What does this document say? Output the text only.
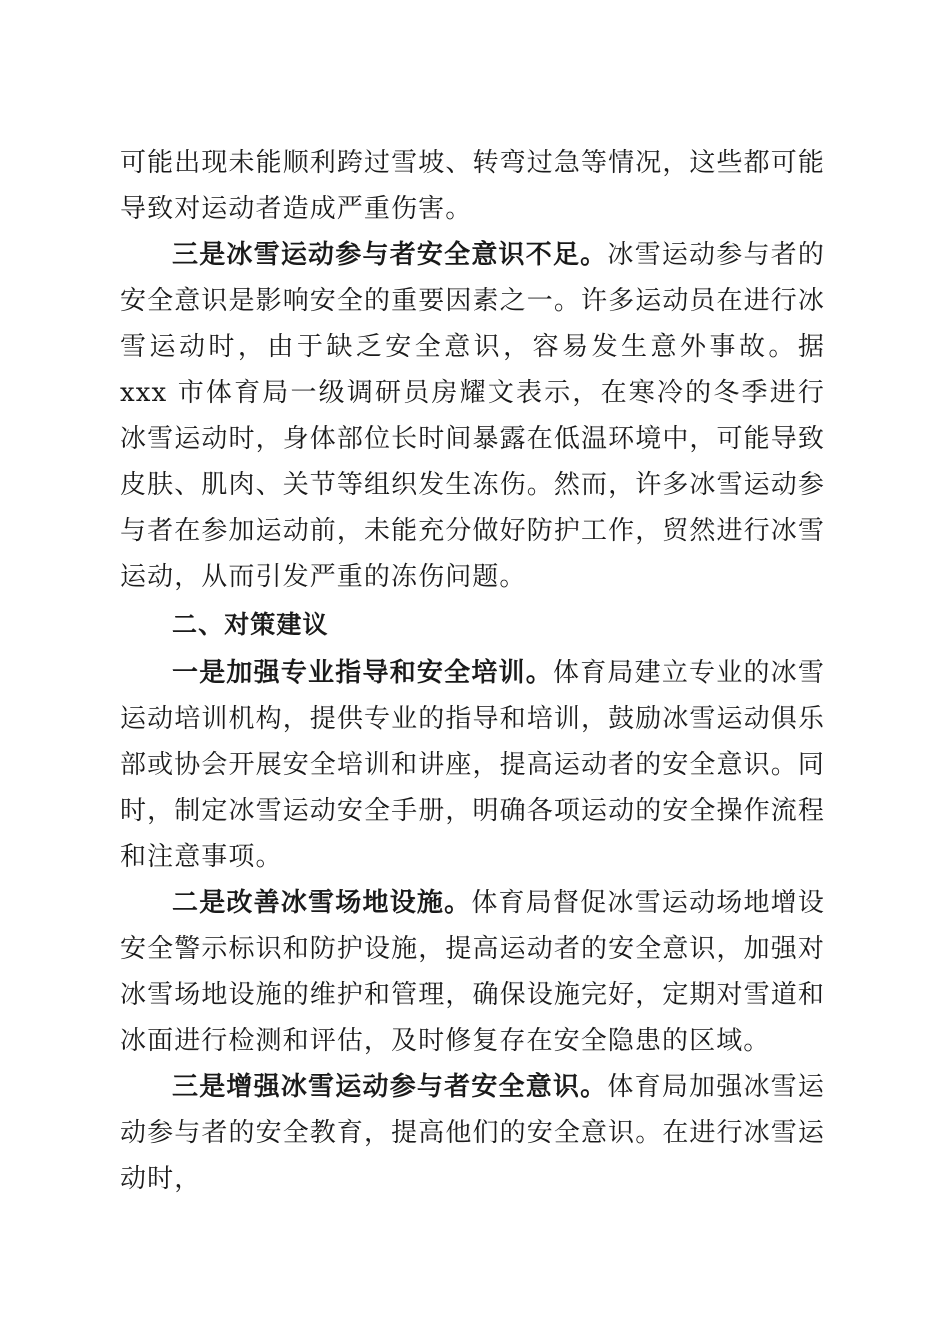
可能出现未能顺利跨过雪坡、转弯过急等情况，这些都可能导致对运动者造成严重伤害。

三是冰雪运动参与者安全意识不足。冰雪运动参与者的安全意识是影响安全的重要因素之一。许多运动员在进行冰雪运动时，由于缺乏安全意识，容易发生意外事故。据 xxx 市体育局一级调研员房耀文表示，在寒冷的冬季进行冰雪运动时，身体部位长时间暴露在低温环境中，可能导致皮肤、肌肉、关节等组织发生冻伤。然而，许多冰雪运动参与者在参加运动前，未能充分做好防护工作，贸然进行冰雪运动，从而引发严重的冻伤问题。

二、对策建议

一是加强专业指导和安全培训。体育局建立专业的冰雪运动培训机构，提供专业的指导和培训，鼓励冰雪运动俱乐部或协会开展安全培训和讲座，提高运动者的安全意识。同时，制定冰雪运动安全手册，明确各项运动的安全操作流程和注意事项。

二是改善冰雪场地设施。体育局督促冰雪运动场地增设安全警示标识和防护设施，提高运动者的安全意识，加强对冰雪场地设施的维护和管理，确保设施完好，定期对雪道和冰面进行检测和评估，及时修复存在安全隐患的区域。

三是增强冰雪运动参与者安全意识。体育局加强冰雪运动参与者的安全教育，提高他们的安全意识。在进行冰雪运动时，
